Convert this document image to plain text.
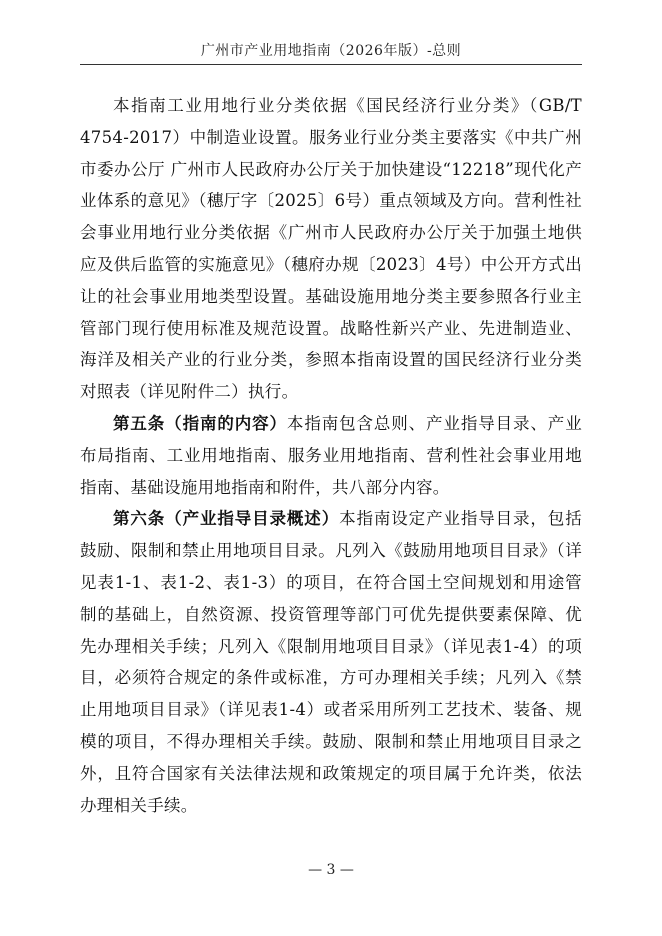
广州市产业用地指南（2026年版）-总则

本指南工业用地行业分类依据《国民经济行业分类》（GB/T 4754-2017）中制造业设置。服务业行业分类主要落实《中共广州市委办公厅 广州市人民政府办公厅关于加快建设“12218”现代化产业体系的意见》（穗厅字〔2025〕6号）重点领域及方向。营利性社会事业用地行业分类依据《广州市人民政府办公厅关于加强土地供应及供后监管的实施意见》（穗府办规〔2023〕4号）中公开方式出让的社会事业用地类型设置。基础设施用地分类主要参照各行业主管部门现行使用标准及规范设置。战略性新兴产业、先进制造业、海洋及相关产业的行业分类，参照本指南设置的国民经济行业分类对照表（详见附件二）执行。

第五条（指南的内容）本指南包含总则、产业指导目录、产业布局指南、工业用地指南、服务业用地指南、营利性社会事业用地指南、基础设施用地指南和附件，共八部分内容。

第六条（产业指导目录概述）本指南设定产业指导目录，包括鼓励、限制和禁止用地项目目录。凡列入《鼓励用地项目目录》（详见表1-1、表1-2、表1-3）的项目，在符合国土空间规划和用途管制的基础上，自然资源、投资管理等部门可优先提供要素保障、优先办理相关手续；凡列入《限制用地项目目录》（详见表1-4）的项目，必须符合规定的条件或标准，方可办理相关手续；凡列入《禁止用地项目目录》（详见表1-4）或者采用所列工艺技术、装备、规模的项目，不得办理相关手续。鼓励、限制和禁止用地项目目录之外，且符合国家有关法律法规和政策规定的项目属于允许类，依法办理相关手续。

— 3 —
